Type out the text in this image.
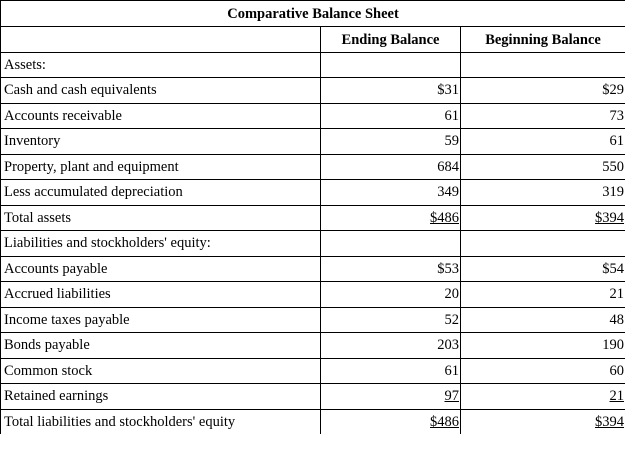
Comparative Balance Sheet		
	Ending Balance	Beginning Balance
Assets:		
Cash and cash equivalents	$31	$29
Accounts receivable	61	73
Inventory	59	61
Property, plant and equipment	684	550
Less accumulated depreciation	349	319
Total assets	$486	$394
Liabilities and stockholders' equity:		
Accounts payable	$53	$54
Accrued liabilities	20	21
Income taxes payable	52	48
Bonds payable	203	190
Common stock	61	60
Retained earnings	97	21
Total liabilities and stockholders' equity	$486	$394
